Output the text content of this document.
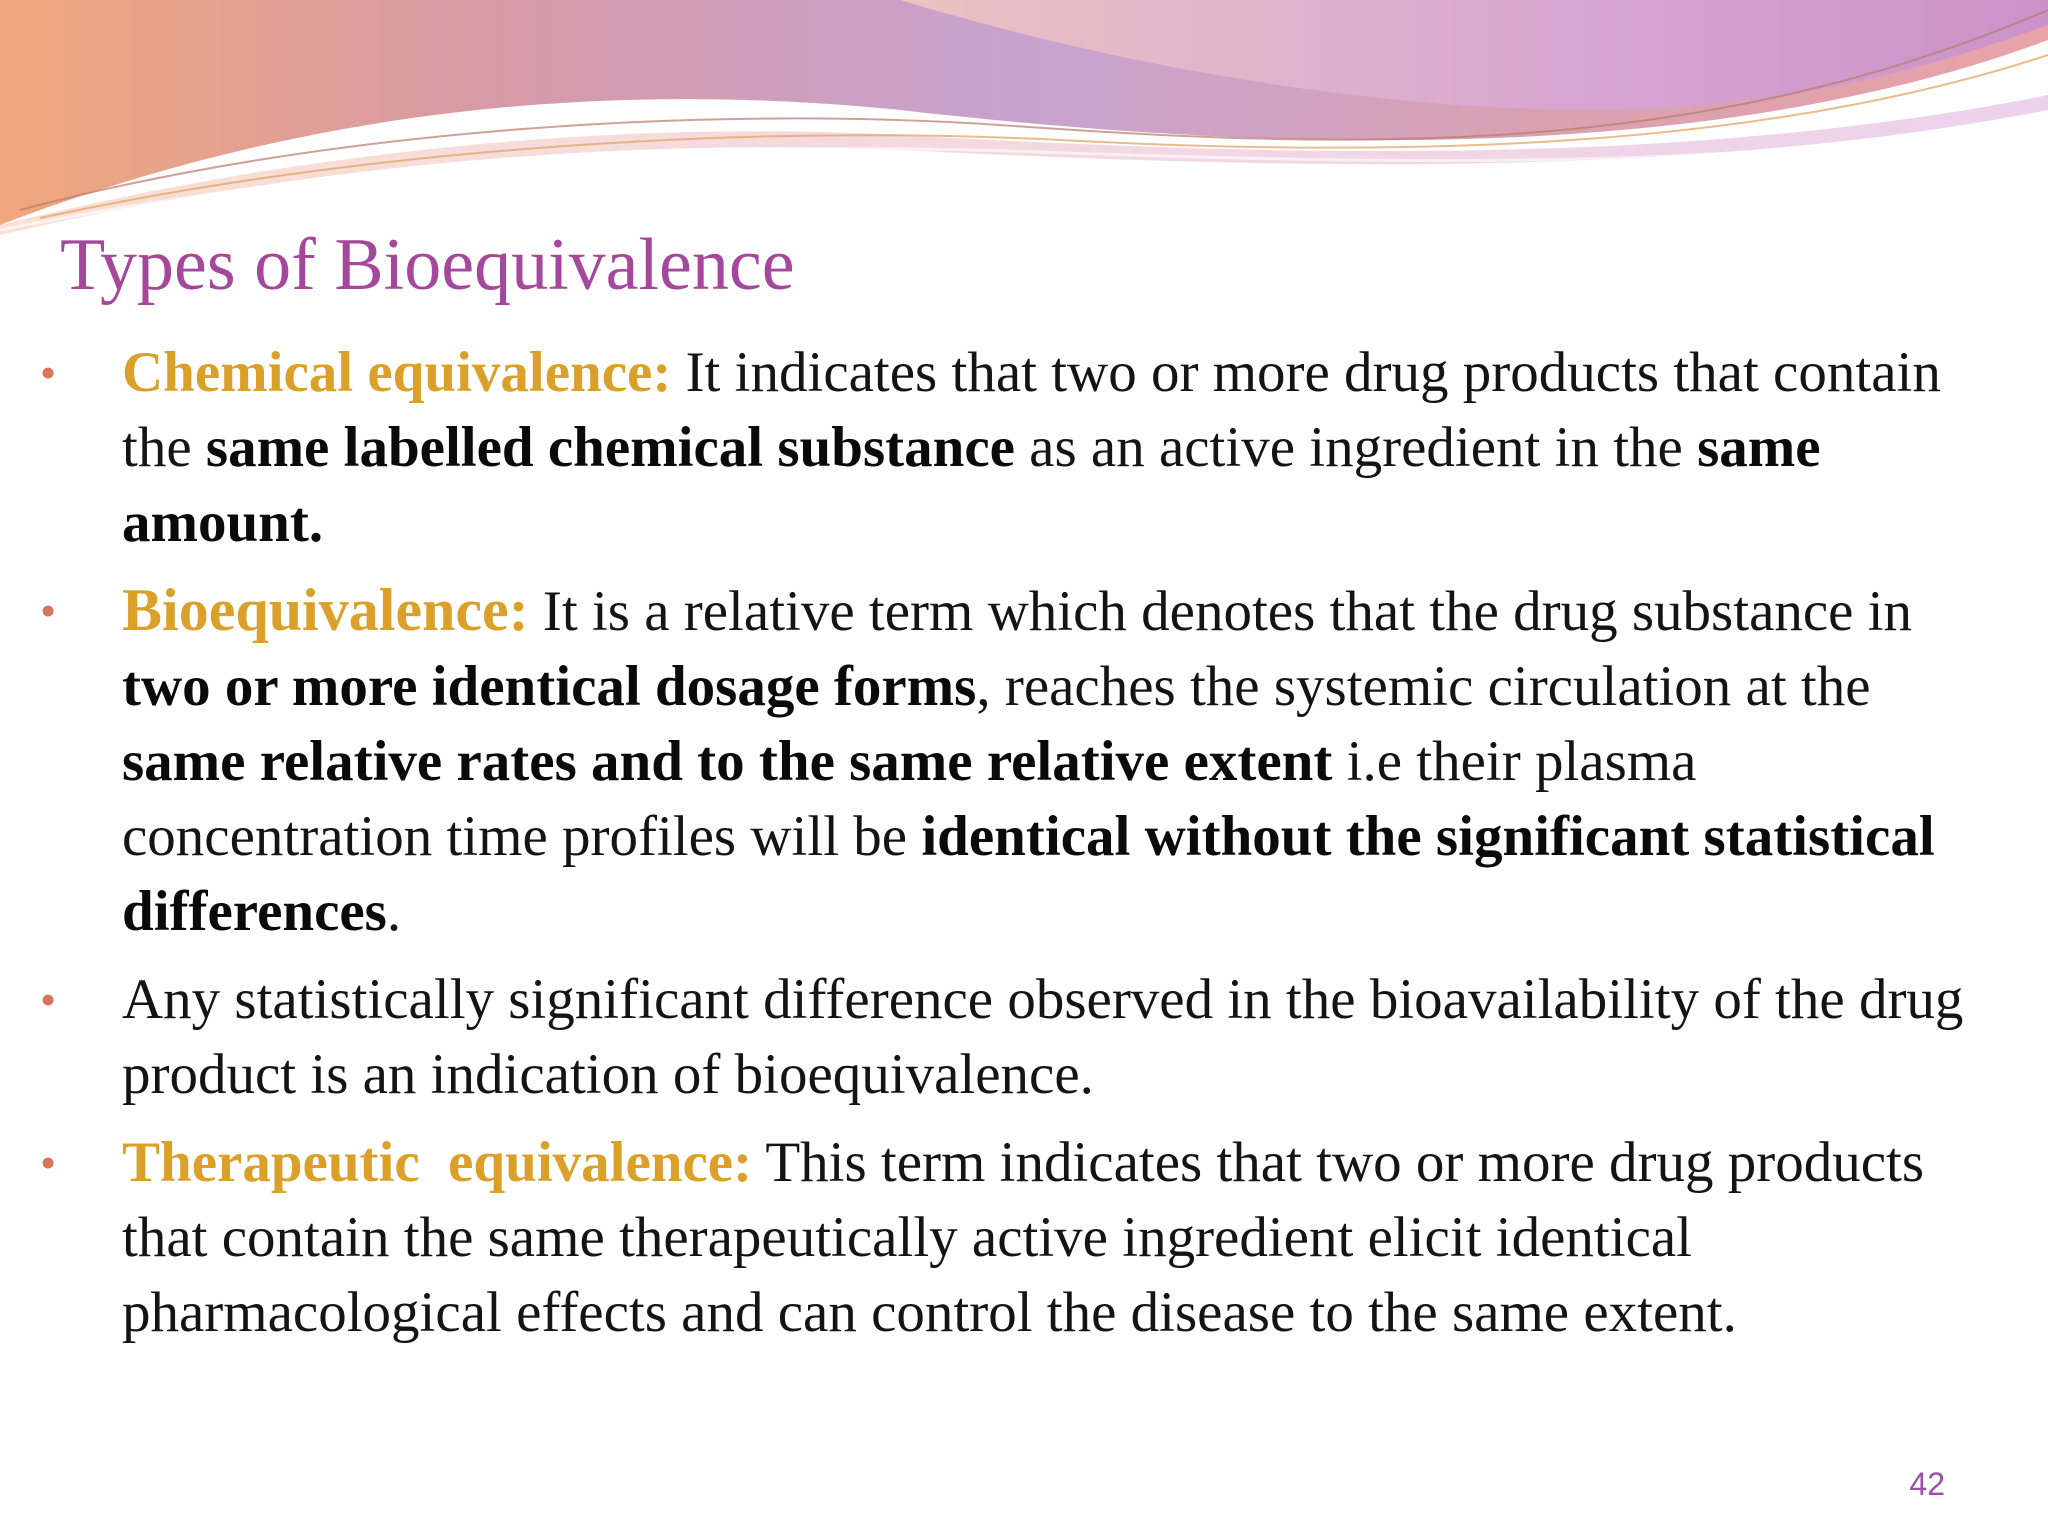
Types of Bioequivalence
• Chemical equivalence: It indicates that two or more drug products that contain the same labelled chemical substance as an active ingredient in the same amount.
• Bioequivalence: It is a relative term which denotes that the drug substance in two or more identical dosage forms, reaches the systemic circulation at the same relative rates and to the same relative extent i.e their plasma concentration time profiles will be identical without the significant statistical differences.
• Any statistically significant difference observed in the bioavailability of the drug product is an indication of bioequivalence.
• Therapeutic  equivalence: This term indicates that two or more drug products that contain the same therapeutically active ingredient elicit identical pharmacological effects and can control the disease to the same extent.
42
